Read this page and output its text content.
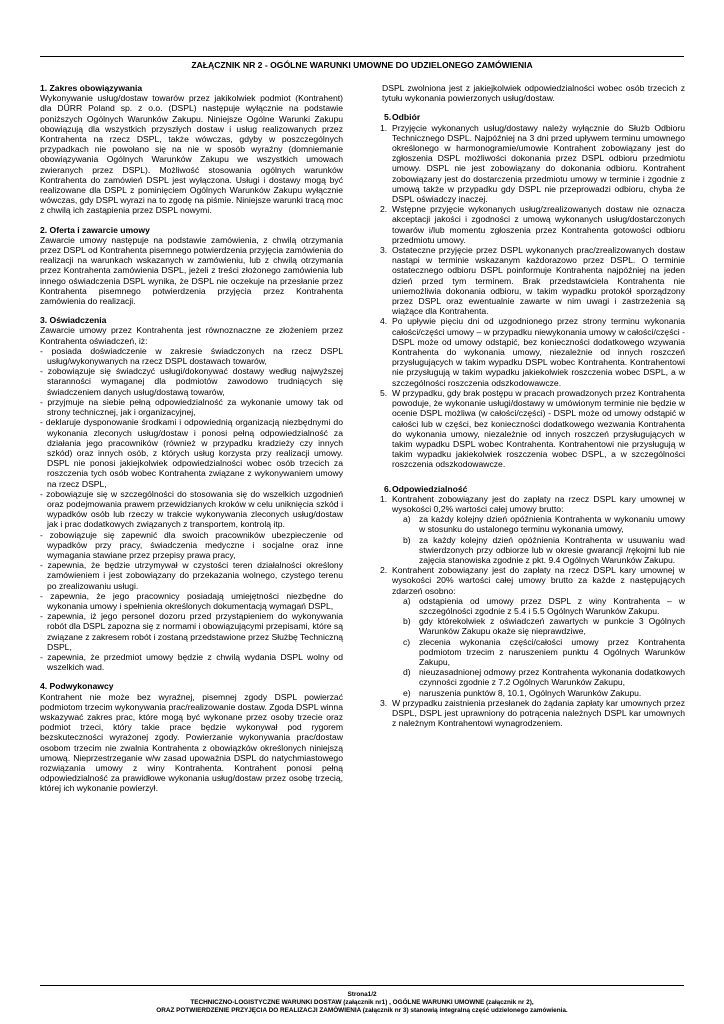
ZAŁĄCZNIK NR 2 - OGÓLNE WARUNKI UMOWNE DO UDZIELONEGO ZAMÓWIENIA

1. Zakres obowiązywania

Wykonywanie usług/dostaw towarów przez jakikolwiek podmiot (Kontrahent) dla DÜRR Poland sp. z o.o. (DSPL) następuje wyłącznie na podstawie poniższych Ogólnych Warunków Zakupu. Niniejsze Ogólne Warunki Zakupu obowiązują dla wszystkich przyszłych dostaw i usług realizowanych przez Kontrahenta na rzecz DSPL, także wówczas, gdyby w poszczególnych przypadkach nie powołano się na nie w sposób wyraźny (domniemanie obowiązywania Ogólnych Warunków Zakupu we wszystkich umowach zwieranych przez DSPL). Możliwość stosowania ogólnych warunków Kontrahenta do zamówień DSPL jest wyłączona. Usługi i dostawy mogą być realizowane dla DSPL z pominięciem Ogólnych Warunków Zakupu wyłącznie wówczas, gdy DSPL wyrazi na to zgodę na piśmie. Niniejsze warunki tracą moc z chwilą ich zastąpienia przez DSPL nowymi.

2. Oferta i zawarcie umowy

Zawarcie umowy następuje na podstawie zamówienia, z chwilą otrzymania przez DSPL od Kontrahenta pisemnego potwierdzenia przyjęcia zamówienia do realizacji na warunkach wskazanych w zamówieniu, lub z chwilą otrzymania przez Kontrahenta zamówienia DSPL, jeżeli z treści złożonego zamówienia lub innego oświadczenia DSPL wynika, że DSPL nie oczekuje na przesłanie przez Kontrahenta pisemnego potwierdzenia przyjęcia przez Kontrahenta zamówienia do realizacji.

3. Oświadczenia

Zawarcie umowy przez Kontrahenta jest równoznaczne ze złożeniem przez Kontrahenta oświadczeń, iż:

- posiada doświadczenie w zakresie świadczonych na rzecz DSPL usług/wykonywanych na rzecz DSPL dostawach towarów,
- zobowiązuje się świadczyć usługi/dokonywać dostawy według najwyższej staranności wymaganej dla podmiotów zawodowo trudniących się świadczeniem danych usług/dostawą towarów,
- przyjmuje na siebie pełną odpowiedzialność za wykonanie umowy tak od strony technicznej, jak i organizacyjnej,
- deklaruje dysponowanie środkami i odpowiednią organizacją niezbędnymi do wykonania zleconych usług/dostaw i ponosi pełną odpowiedzialność za działania jego pracowników (również w przypadku kradzieży czy innych szkód) oraz innych osób, z których usług korzysta przy realizacji umowy. DSPL nie ponosi jakiejkolwiek odpowiedzialności wobec osób trzecich za roszczenia tych osób wobec Kontrahenta związane z wykonywaniem umowy na rzecz DSPL,
- zobowiązuje się w szczególności do stosowania się do wszelkich uzgodnień oraz podejmowania prawem przewidzianych kroków w celu uniknięcia szkód i wypadków osób lub rzeczy w trakcie wykonywania zleconych usług/dostaw jak i prac dodatkowych związanych z transportem, kontrolą itp.
- zobowiązuje się zapewnić dla swoich pracowników ubezpieczenie od wypadków przy pracy, świadczenia medyczne i socjalne oraz inne wymagania stawiane przez przepisy prawa pracy,
- zapewnia, że będzie utrzymywał w czystości teren działalności określony zamówieniem i jest zobowiązany do przekazania wolnego, czystego terenu po zrealizowaniu usługi.
- zapewnia, że jego pracownicy posiadają umiejętności niezbędne do wykonania umowy i spełnienia określonych dokumentacją wymagań DSPL,
- zapewnia, iż jego personel dozoru przed przystąpieniem do wykonywania robót dla DSPL zapozna się z normami i obowiązującymi przepisami, które są związane z zakresem robót i zostaną przedstawione przez Służbę Techniczną DSPL,
- zapewnia, że przedmiot umowy będzie z chwilą wydania DSPL wolny od wszelkich wad.

4. Podwykonawcy

Kontrahent nie może bez wyraźnej, pisemnej zgody DSPL powierzać podmiotom trzecim wykonywania prac/realizowanie dostaw. Zgoda DSPL winna wskazywać zakres prac, które mogą być wykonane przez osoby trzecie oraz podmiot trzeci, który takie prace będzie wykonywał pod rygorem bezskuteczności wyrażonej zgody. Powierzanie wykonywania prac/dostaw osobom trzecim nie zwalnia Kontrahenta z obowiązków określonych niniejszą umową. Nieprzestrzeganie w/w zasad upoważnia DSPL do natychmiastowego rozwiązania umowy z winy Kontrahenta. Kontrahent ponosi pełną odpowiedzialność za prawidłowe wykonania usług/dostaw przez osobę trzecią, której ich wykonanie powierzył.

DSPL zwolniona jest z jakiejkolwiek odpowiedzialności wobec osób trzecich z tytułu wykonania powierzonych usług/dostaw.

5. Odbiór
1. Przyjęcie wykonanych usług/dostawy należy wyłącznie do Służb Odbioru Technicznego DSPL. Najpóźniej na 3 dni przed upływem terminu umownego określonego w harmonogramie/umowie Kontrahent zobowiązany jest do zgłoszenia DSPL możliwości dokonania przez DSPL odbioru przedmiotu umowy. DSPL nie jest zobowiązany do dokonania odbioru. Kontrahent zobowiązany jest do dostarczenia przedmiotu umowy w terminie i zgodnie z umową także w przypadku gdy DSPL nie przeprowadzi odbioru, chyba że DSPL oświadczy inaczej.
2. Wstępne przyjęcie wykonanych usług/zrealizowanych dostaw nie oznacza akceptacji jakości i zgodności z umową wykonanych usług/dostarczonych towarów i/lub momentu zgłoszenia przez Kontrahenta gotowości odbioru przedmiotu umowy.
3. Ostateczne przyjęcie przez DSPL wykonanych prac/zrealizowanych dostaw nastąpi w terminie wskazanym każdorazowo przez DSPL. O terminie ostatecznego odbioru DSPL poinformuje Kontrahenta najpóźniej na jeden dzień przed tym terminem. Brak przedstawiciela Kontrahenta nie uniemożliwia dokonania odbioru, w takim wypadku protokół sporządzony przez DSPL oraz ewentualnie zawarte w nim uwagi i zastrzeżenia są wiążące dla Kontrahenta.
4. Po upływie pięciu dni od uzgodnionego przez strony terminu wykonania całości/części umowy – w przypadku niewykonania umowy w całości/części - DSPL może od umowy odstąpić, bez konieczności dodatkowego wzywania Kontrahenta do wykonania umowy, niezależnie od innych roszczeń przysługujących w takim wypadku DSPL wobec Kontrahenta. Kontrahentowi nie przysługują w takim wypadku jakiekolwiek roszczenia wobec DSPL, a w szczególności roszczenia odszkodowawcze.
5. W przypadku, gdy brak postępu w pracach prowadzonych przez Kontrahenta powoduje, że wykonanie usługi/dostawy w umówionym terminie nie będzie w ocenie DSPL możliwa (w całości/części) - DSPL może od umowy odstąpić w całości lub w części, bez konieczności dodatkowego wezwania Kontrahenta do wykonania umowy, niezależnie od innych roszczeń przysługujących w takim wypadku DSPL wobec Kontrahenta. Kontrahentowi nie przysługują w takim wypadku jakiekolwiek roszczenia wobec DSPL, a w szczególności roszczenia odszkodowawcze.
6. Odpowiedzialność
1. Kontrahent zobowiązany jest do zapłaty na rzecz DSPL kary umownej w wysokości 0,2% wartości całej umowy brutto:
a) za każdy kolejny dzień opóźnienia Kontrahenta w wykonaniu umowy w stosunku do ustalonego terminu wykonania umowy,
b) za każdy kolejny dzień opóźnienia Kontrahenta w usuwaniu wad stwierdzonych przy odbiorze lub w okresie gwarancji /rękojmi lub nie zajęcia stanowiska zgodnie z pkt. 9.4 Ogólnych Warunków Zakupu.
2. Kontrahent zobowiązany jest do zapłaty na rzecz DSPL kary umownej w wysokości 20% wartości całej umowy brutto za każde z następujących zdarzeń osobno:
a) odstąpienia od umowy przez DSPL z winy Kontrahenta – w szczególności zgodnie z 5.4 i 5.5 Ogólnych Warunków Zakupu.
b) gdy którekolwiek z oświadczeń zawartych w punkcie 3 Ogólnych Warunków Zakupu okaże się nieprawdziwe,
c) zlecenia wykonania części/całości umowy przez Kontrahenta podmiotom trzecim z naruszeniem punktu 4 Ogólnych Warunków Zakupu,
d) nieuzasadnionej odmowy przez Kontrahenta wykonania dodatkowych czynności zgodnie z 7.2 Ogólnych Warunków Zakupu,
e) naruszenia punktów 8, 10.1, Ogólnych Warunków Zakupu.
3. W przypadku zaistnienia przesłanek do żądania zapłaty kar umownych przez DSPL, DSPL jest uprawniony do potrącenia należnych DSPL kar umownych z należnym Kontrahentowi wynagrodzeniem.
Strona1/2
TECHNICZNO-LOGISTYCZNE WARUNKI DOSTAW (załącznik nr1) , OGÓLNE WARUNKI UMOWNE (załącznik nr 2),
ORAZ POTWIERDZENIE PRZYJĘCIA DO REALIZACJI ZAMÓWIENIA (załącznik nr 3) stanowią integralną część udzielonego zamówienia.
